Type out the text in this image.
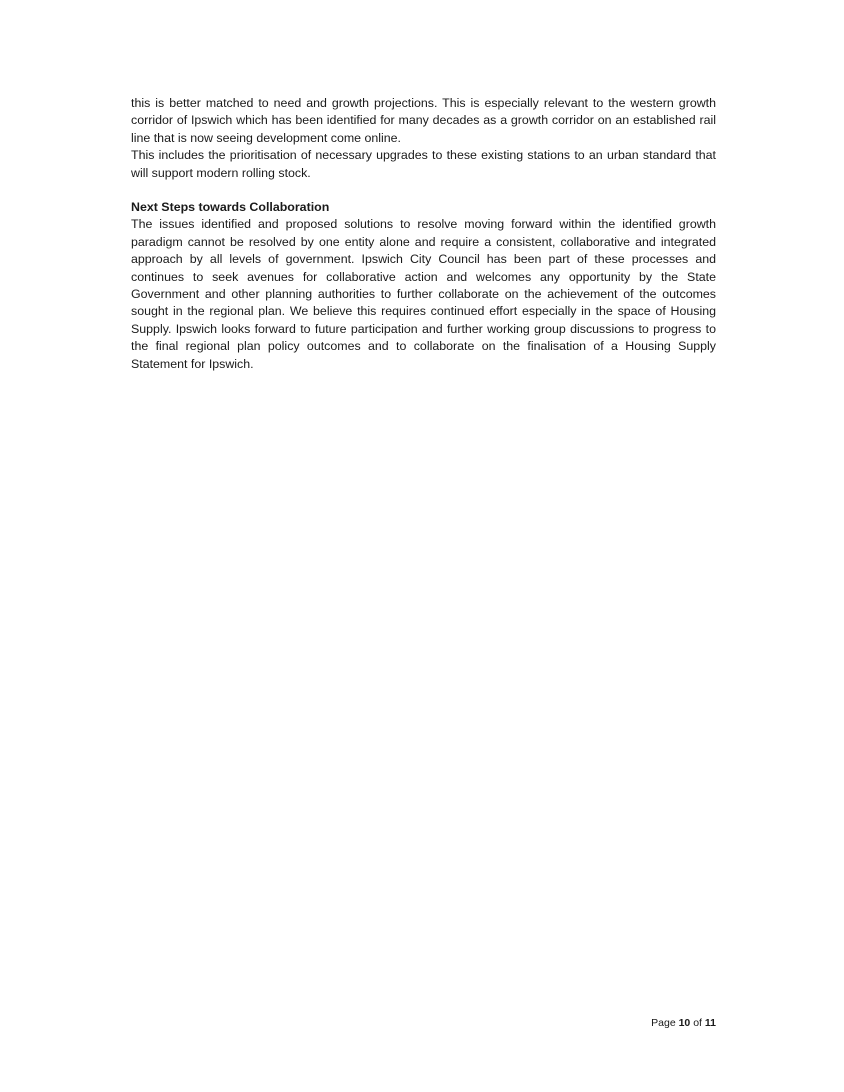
this is better matched to need and growth projections. This is especially relevant to the western growth corridor of Ipswich which has been identified for many decades as a growth corridor on an established rail line that is now seeing development come online.

This includes the prioritisation of necessary upgrades to these existing stations to an urban standard that will support modern rolling stock.

Next Steps towards Collaboration

The issues identified and proposed solutions to resolve moving forward within the identified growth paradigm cannot be resolved by one entity alone and require a consistent, collaborative and integrated approach by all levels of government. Ipswich City Council has been part of these processes and continues to seek avenues for collaborative action and welcomes any opportunity by the State Government and other planning authorities to further collaborate on the achievement of the outcomes sought in the regional plan. We believe this requires continued effort especially in the space of Housing Supply. Ipswich looks forward to future participation and further working group discussions to progress to the final regional plan policy outcomes and to collaborate on the finalisation of a Housing Supply Statement for Ipswich.

Page 10 of 11
